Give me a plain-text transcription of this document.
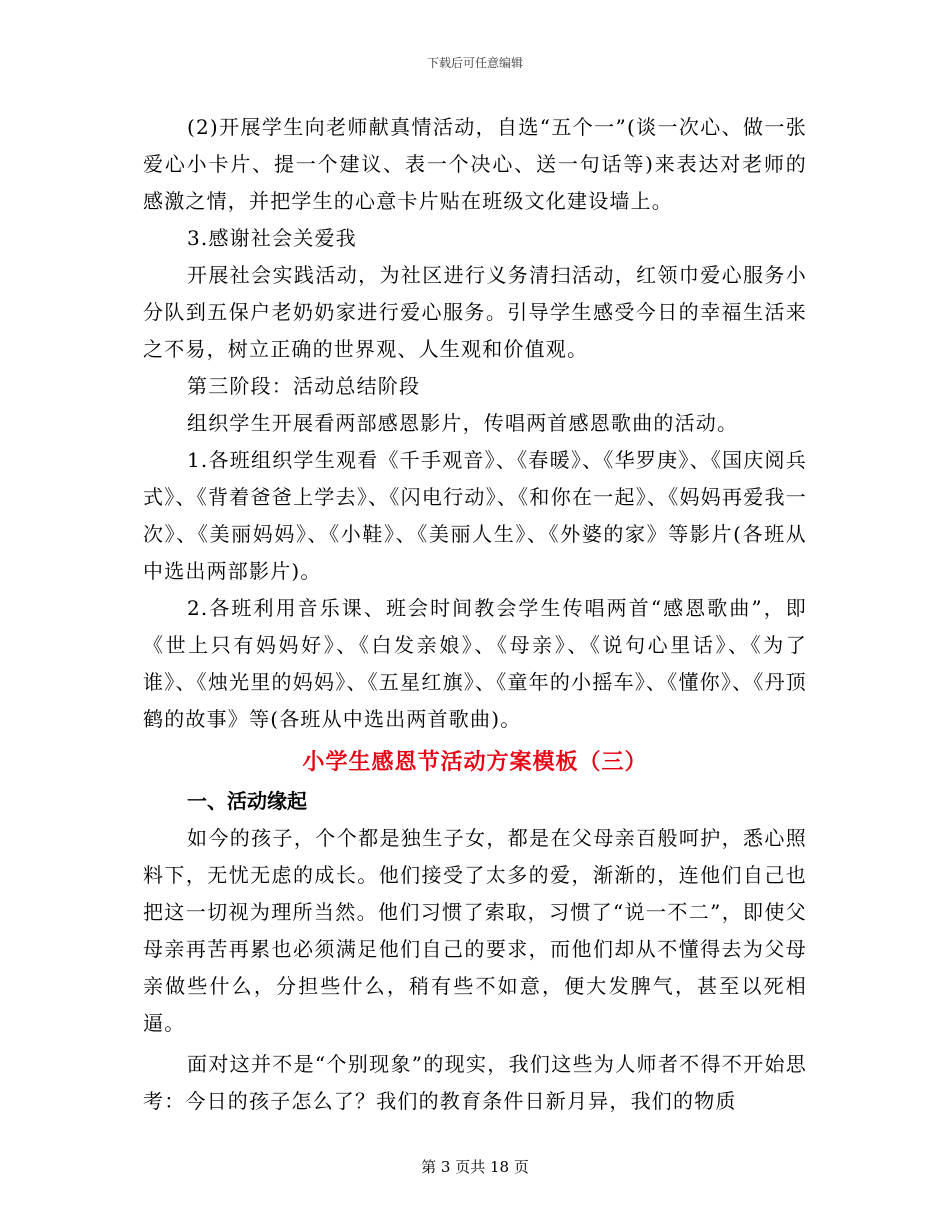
下载后可任意编辑

(2)开展学生向老师献真情活动，自选“五个一”(谈一次心、做一张爱心小卡片、提一个建议、表一个决心、送一句话等)来表达对老师的感激之情，并把学生的心意卡片贴在班级文化建设墙上。

3.感谢社会关爱我

开展社会实践活动，为社区进行义务清扫活动，红领巾爱心服务小分队到五保户老奶奶家进行爱心服务。引导学生感受今日的幸福生活来之不易，树立正确的世界观、人生观和价值观。

第三阶段：活动总结阶段

组织学生开展看两部感恩影片，传唱两首感恩歌曲的活动。

1.各班组织学生观看《千手观音》、《春暖》、《华罗庚》、《国庆阅兵式》、《背着爸爸上学去》、《闪电行动》、《和你在一起》、《妈妈再爱我一次》、《美丽妈妈》、《小鞋》、《美丽人生》、《外婆的家》等影片(各班从中选出两部影片)。

2.各班利用音乐课、班会时间教会学生传唱两首“感恩歌曲”，即《世上只有妈妈好》、《白发亲娘》、《母亲》、《说句心里话》、《为了谁》、《烛光里的妈妈》、《五星红旗》、《童年的小摇车》、《懂你》、《丹顶鹤的故事》等(各班从中选出两首歌曲)。

小学生感恩节活动方案模板（三）
一、活动缘起

如今的孩子，个个都是独生子女，都是在父母亲百般呵护，悉心照料下，无忧无虑的成长。他们接受了太多的爱，渐渐的，连他们自己也把这一切视为理所当然。他们习惯了索取，习惯了“说一不二”，即使父母亲再苦再累也必须满足他们自己的要求，而他们却从不懂得去为父母亲做些什么，分担些什么，稍有些不如意，便大发脾气，甚至以死相逼。

面对这并不是“个别现象”的现实，我们这些为人师者不得不开始思考：今日的孩子怎么了？我们的教育条件日新月异，我们的物质

第 3 页共 18 页
